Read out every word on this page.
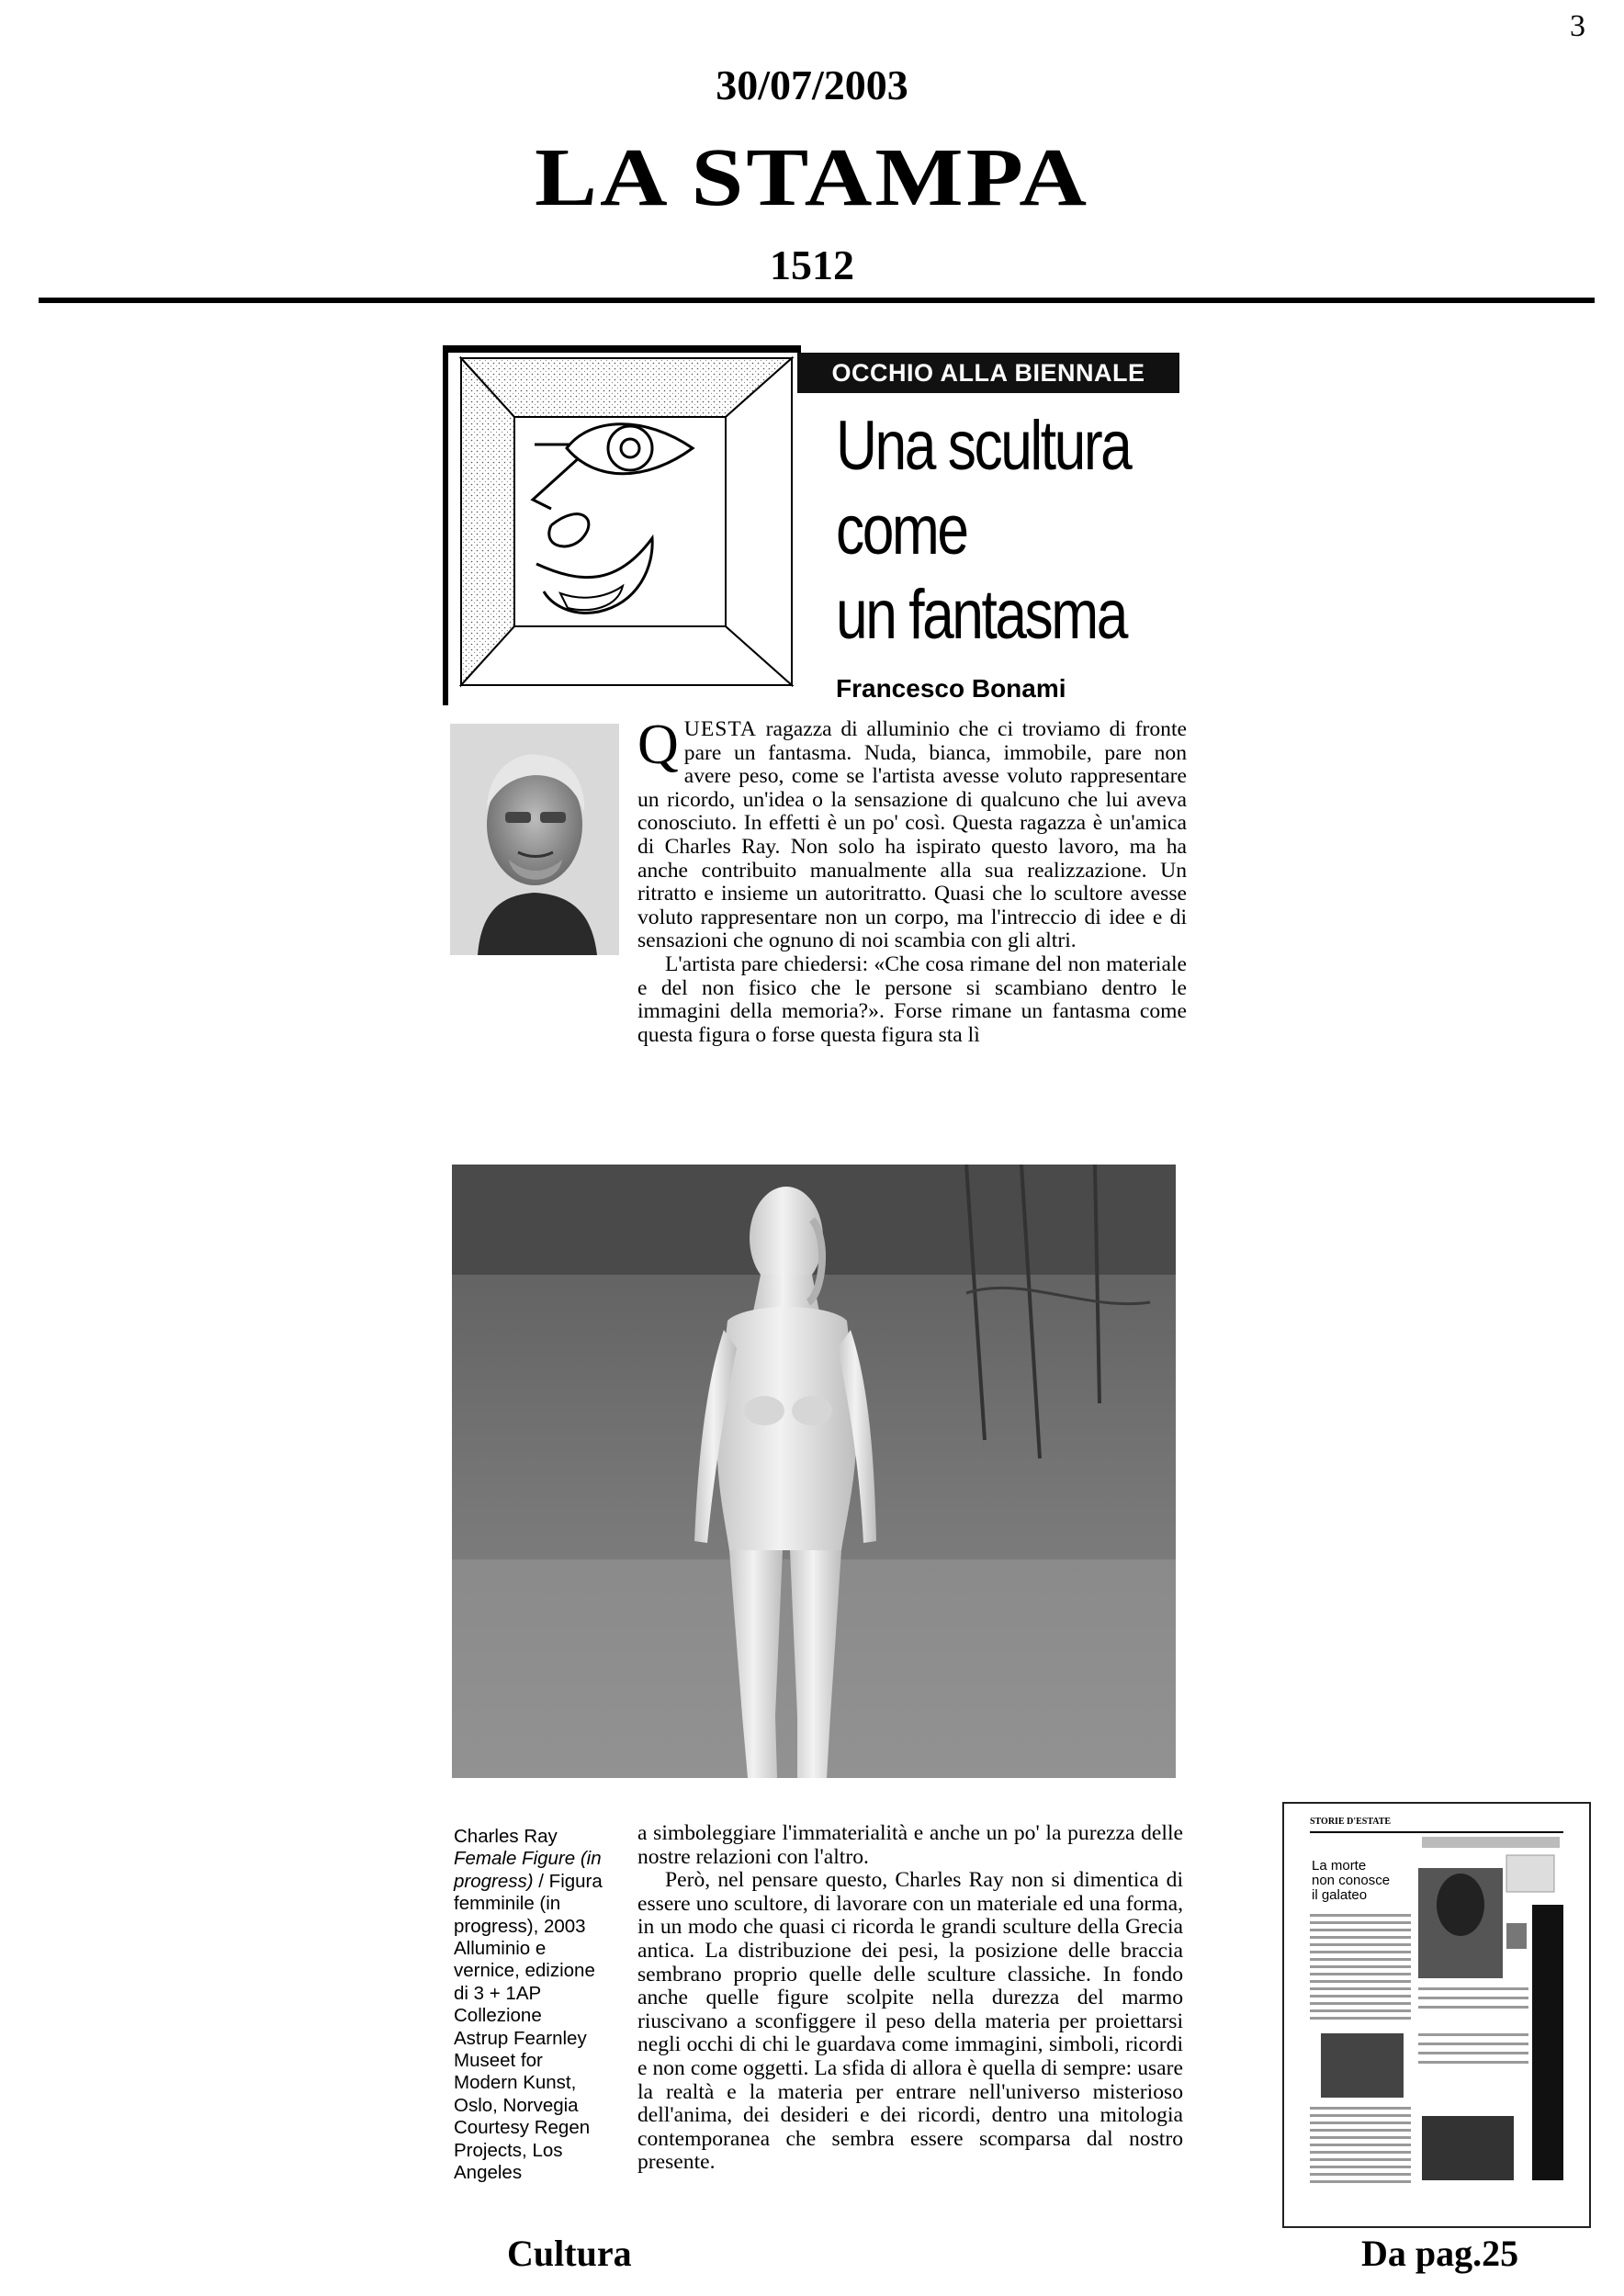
3
30/07/2003
LA STAMPA
1512
OCCHIO ALLA BIENNALE
Una scultura
come
un fantasma
Francesco Bonami

QUESTA ragazza di alluminio che ci troviamo di fronte pare un fantasma. Nuda, bianca, immobile, pare non avere peso, come se l'artista avesse voluto rappresentare un ricordo, un'idea o la sensazione di qualcuno che lui aveva conosciuto. In effetti è un po' così. Questa ragazza è un'amica di Charles Ray. Non solo ha ispirato questo lavoro, ma ha anche contribuito manualmente alla sua realizzazione. Un ritratto e insieme un autoritratto. Quasi che lo scultore avesse voluto rappresentare non un corpo, ma l'intreccio di idee e di sensazioni che ognuno di noi scambia con gli altri.

L'artista pare chiedersi: «Che cosa rimane del non materiale e del non fisico che le persone si scambiano dentro le immagini della memoria?». Forse rimane un fantasma come questa figura o forse questa figura sta lì

Charles Ray
Female Figure (in
progress) / Figura
femminile (in
progress), 2003
Alluminio e
vernice, edizione
di 3 + 1AP
Collezione
Astrup Fearnley
Museet for
Modern Kunst,
Oslo, Norvegia
Courtesy Regen
Projects, Los
Angeles

a simboleggiare l'immaterialità e anche un po' la purezza delle nostre relazioni con l'altro.

Però, nel pensare questo, Charles Ray non si dimentica di essere uno scultore, di lavorare con un materiale ed una forma, in un modo che quasi ci ricorda le grandi sculture della Grecia antica. La distribuzione dei pesi, la posizione delle braccia sembrano proprio quelle delle sculture classiche. In fondo anche quelle figure scolpite nella durezza del marmo riuscivano a sconfiggere il peso della materia per proiettarsi negli occhi di chi le guardava come immagini, simboli, ricordi e non come oggetti. La sfida di allora è quella di sempre: usare la realtà e la materia per entrare nell'universo misterioso dell'anima, dei desideri e dei ricordi, dentro una mitologia contemporanea che sembra essere scomparsa dal nostro presente.

STORIE D'ESTATE
La morte
non conosce
il galateo
Cultura	Da pag.25
